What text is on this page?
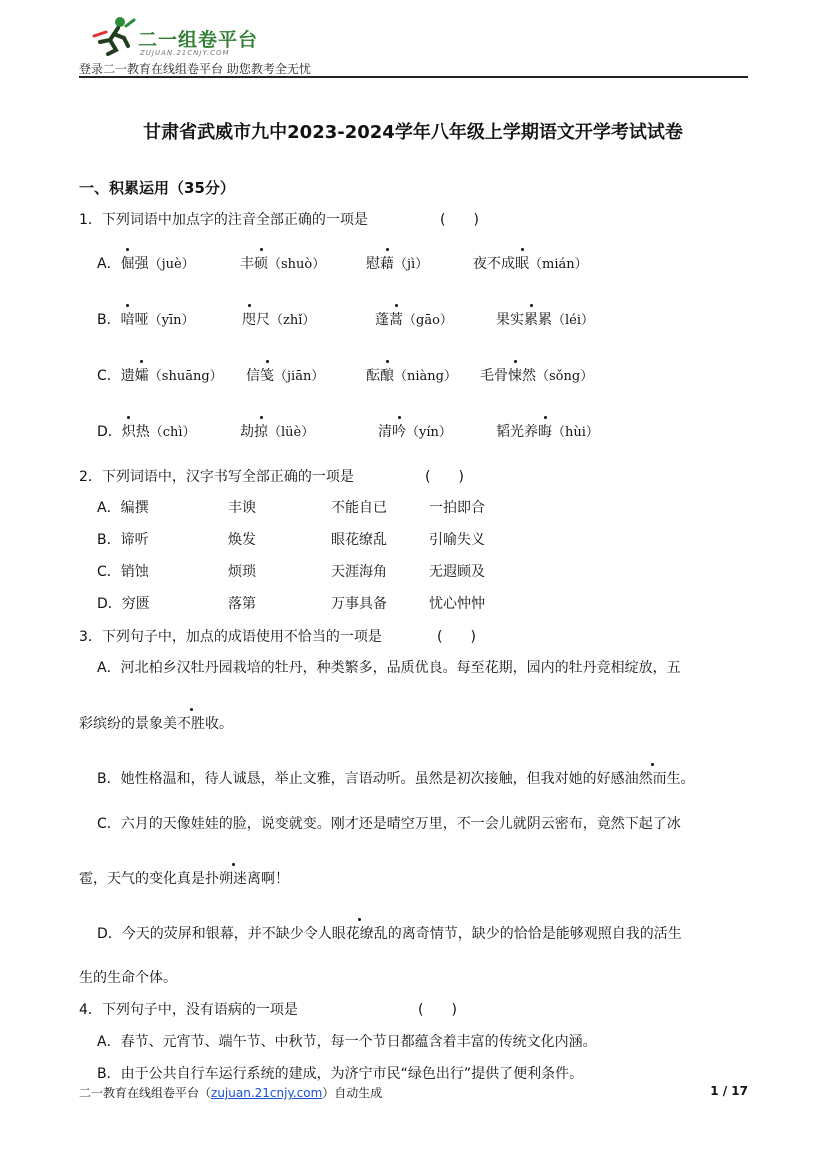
二一组卷平台
ZUJUAN.21CNJY.COM
登录二一教育在线组卷平台 助您教考全无忧
甘肃省武威市九中2023-2024学年八年级上学期语文开学考试试卷
一、积累运用（35分）
1．下列词语中加点字的注音全部正确的一项是	(　　)
A．倔强（juè）	丰硕（shuò）	慰藉（jì）	夜不成眠（mián）
B．喑哑（yīn）	咫尺（zhǐ）	蓬蒿（gāo）	果实累累（léi）
C．遗孀（shuāng） 信笺（jiān）	酝酿（niàng） 毛骨悚然（sǒng）
D．炽热（chì）	劫掠（lüè）	清吟（yín）	韬光养晦（hùi）
2．下列词语中，汉字书写全部正确的一项是	(　　)
A．编撰	丰谀	不能自已	一拍即合
B．谛听	焕发	眼花缭乱	引喻失义
C．销蚀	烦琐	天涯海角	无遐顾及
D．穷匮	落第	万事具备	忧心忡忡
3．下列句子中，加点的成语使用不恰当的一项是	(　　)
A．河北柏乡汉牡丹园栽培的牡丹，种类繁多，品质优良。每至花期，园内的牡丹竞相绽放，五
彩缤纷的景象美不胜收。
B．她性格温和，待人诚恳，举止文雅，言语动听。虽然是初次接触，但我对她的好感油然而生。
C．六月的天像娃娃的脸，说变就变。刚才还是晴空万里，不一会儿就阴云密布，竟然下起了冰
雹，天气的变化真是扑朔迷离啊！
D．今天的荧屏和银幕，并不缺少令人眼花缭乱的离奇情节，缺少的恰恰是能够观照自我的活生
生的生命个体。
4．下列句子中，没有语病的一项是	(　　)
A．春节、元宵节、端午节、中秋节，每一个节日都蕴含着丰富的传统文化内涵。
B．由于公共自行车运行系统的建成，为济宁市民“绿色出行”提供了便利条件。
二一教育在线组卷平台（zujuan.21cnjy.com）自动生成	1 / 17
